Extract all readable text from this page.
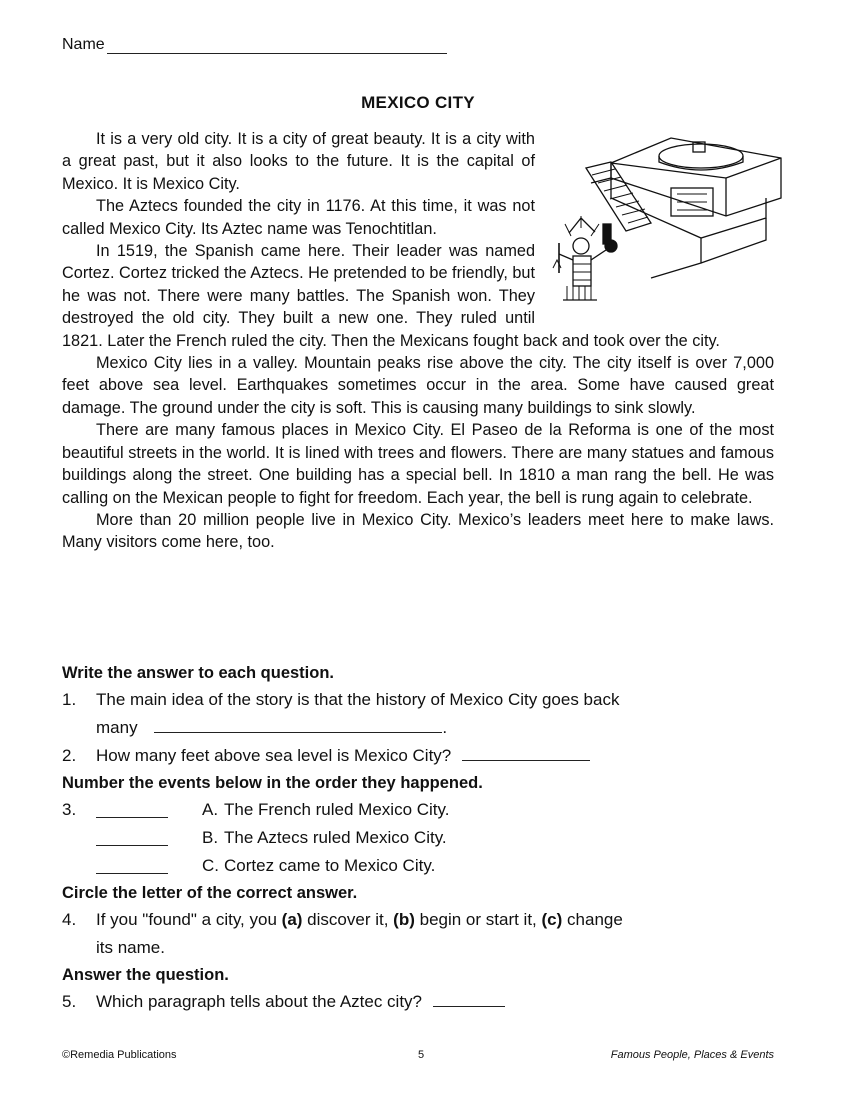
Name
MEXICO CITY

It is a very old city. It is a city of great beauty. It is a city with a great past, but it also looks to the future. It is the capital of Mexico. It is Mexico City.

The Aztecs founded the city in 1176. At this time, it was not called Mexico City. Its Aztec name was Tenochtitlan.

In 1519, the Spanish came here. Their leader was named Cortez. Cortez tricked the Aztecs. He pretended to be friendly, but he was not. There were many battles. The Spanish won. They destroyed the old city. They built a new one. They ruled until 1821. Later the French ruled the city. Then the Mexicans fought back and took over the city.

Mexico City lies in a valley. Mountain peaks rise above the city. The city itself is over 7,000 feet above sea level. Earthquakes sometimes occur in the area. Some have caused great damage. The ground under the city is soft. This is causing many buildings to sink slowly.

There are many famous places in Mexico City. El Paseo de la Reforma is one of the most beautiful streets in the world. It is lined with trees and flowers. There are many statues and famous buildings along the street. One building has a special bell. In 1810 a man rang the bell. He was calling on the Mexican people to fight for freedom. Each year, the bell is rung again to celebrate.

More than 20 million people live in Mexico City. Mexico’s leaders meet here to make laws. Many visitors come here, too.

Write the answer to each question.
1. The main idea of the story is that the history of Mexico City goes back
many	.
2. How many feet above sea level is Mexico City?
Number the events below in the order they happened.
3.	A. The French ruled Mexico City.
B. The Aztecs ruled Mexico City.
C. Cortez came to Mexico City.
Circle the letter of the correct answer.
4. If you "found" a city, you (a) discover it, (b) begin or start it, (c) change
its name.
Answer the question.
5. Which paragraph tells about the Aztec city?
©Remedia Publications	5	Famous People, Places & Events
